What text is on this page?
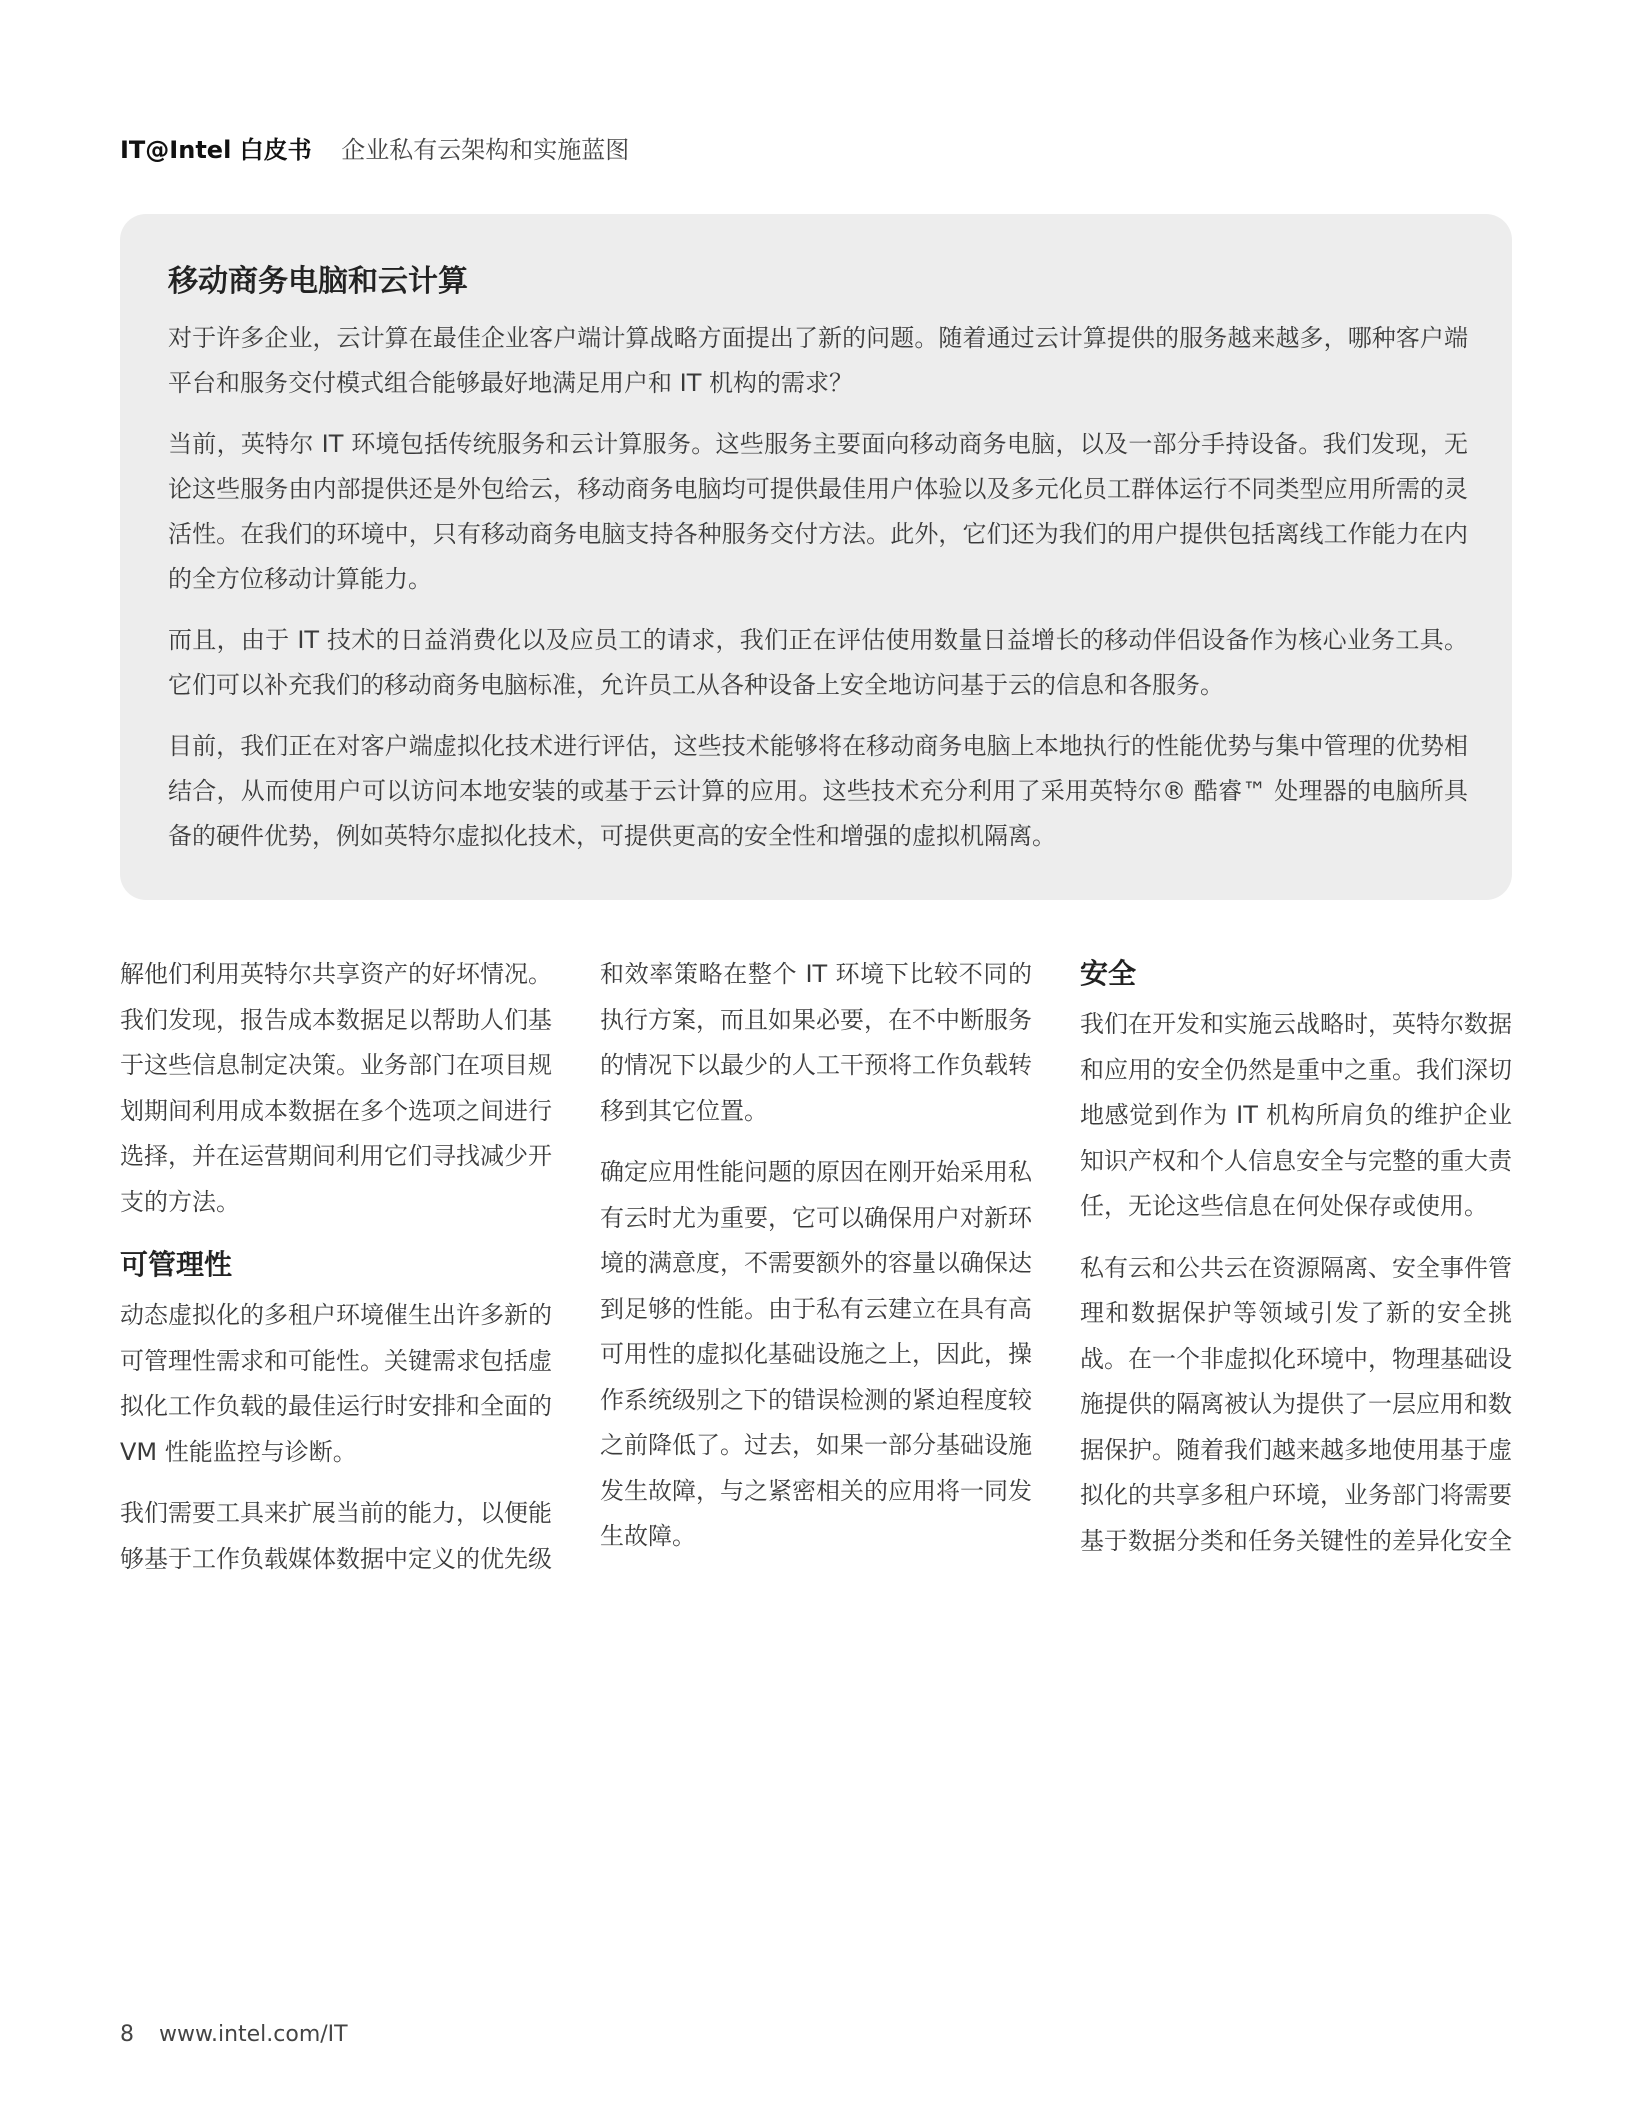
IT@Intel 白皮书 企业私有云架构和实施蓝图
移动商务电脑和云计算

对于许多企业，云计算在最佳企业客户端计算战略方面提出了新的问题。随着通过云计算提供的服务越来越多，哪种客户端平台和服务交付模式组合能够最好地满足用户和 IT 机构的需求？

当前，英特尔 IT 环境包括传统服务和云计算服务。这些服务主要面向移动商务电脑，以及一部分手持设备。我们发现，无论这些服务由内部提供还是外包给云，移动商务电脑均可提供最佳用户体验以及多元化员工群体运行不同类型应用所需的灵活性。在我们的环境中，只有移动商务电脑支持各种服务交付方法。此外，它们还为我们的用户提供包括离线工作能力在内的全方位移动计算能力。

而且，由于 IT 技术的日益消费化以及应员工的请求，我们正在评估使用数量日益增长的移动伴侣设备作为核心业务工具。它们可以补充我们的移动商务电脑标准，允许员工从各种设备上安全地访问基于云的信息和各服务。

目前，我们正在对客户端虚拟化技术进行评估，这些技术能够将在移动商务电脑上本地执行的性能优势与集中管理的优势相结合，从而使用户可以访问本地安装的或基于云计算的应用。这些技术充分利用了采用英特尔® 酷睿™ 处理器的电脑所具备的硬件优势，例如英特尔虚拟化技术，可提供更高的安全性和增强的虚拟机隔离。

解他们利用英特尔共享资产的好坏情况。我们发现，报告成本数据足以帮助人们基于这些信息制定决策。业务部门在项目规划期间利用成本数据在多个选项之间进行选择，并在运营期间利用它们寻找减少开支的方法。

可管理性

动态虚拟化的多租户环境催生出许多新的可管理性需求和可能性。关键需求包括虚拟化工作负载的最佳运行时安排和全面的 VM 性能监控与诊断。

我们需要工具来扩展当前的能力，以便能够基于工作负载媒体数据中定义的优先级

和效率策略在整个 IT 环境下比较不同的执行方案，而且如果必要，在不中断服务的情况下以最少的人工干预将工作负载转移到其它位置。

确定应用性能问题的原因在刚开始采用私有云时尤为重要，它可以确保用户对新环境的满意度，不需要额外的容量以确保达到足够的性能。由于私有云建立在具有高可用性的虚拟化基础设施之上，因此，操作系统级别之下的错误检测的紧迫程度较之前降低了。过去，如果一部分基础设施发生故障，与之紧密相关的应用将一同发生故障。

安全

我们在开发和实施云战略时，英特尔数据和应用的安全仍然是重中之重。我们深切地感觉到作为 IT 机构所肩负的维护企业知识产权和个人信息安全与完整的重大责任，无论这些信息在何处保存或使用。

私有云和公共云在资源隔离、安全事件管理和数据保护等领域引发了新的安全挑战。在一个非虚拟化环境中，物理基础设施提供的隔离被认为提供了一层应用和数据保护。随着我们越来越多地使用基于虚拟化的共享多租户环境，业务部门将需要基于数据分类和任务关键性的差异化安全

8 www.intel.com/IT
